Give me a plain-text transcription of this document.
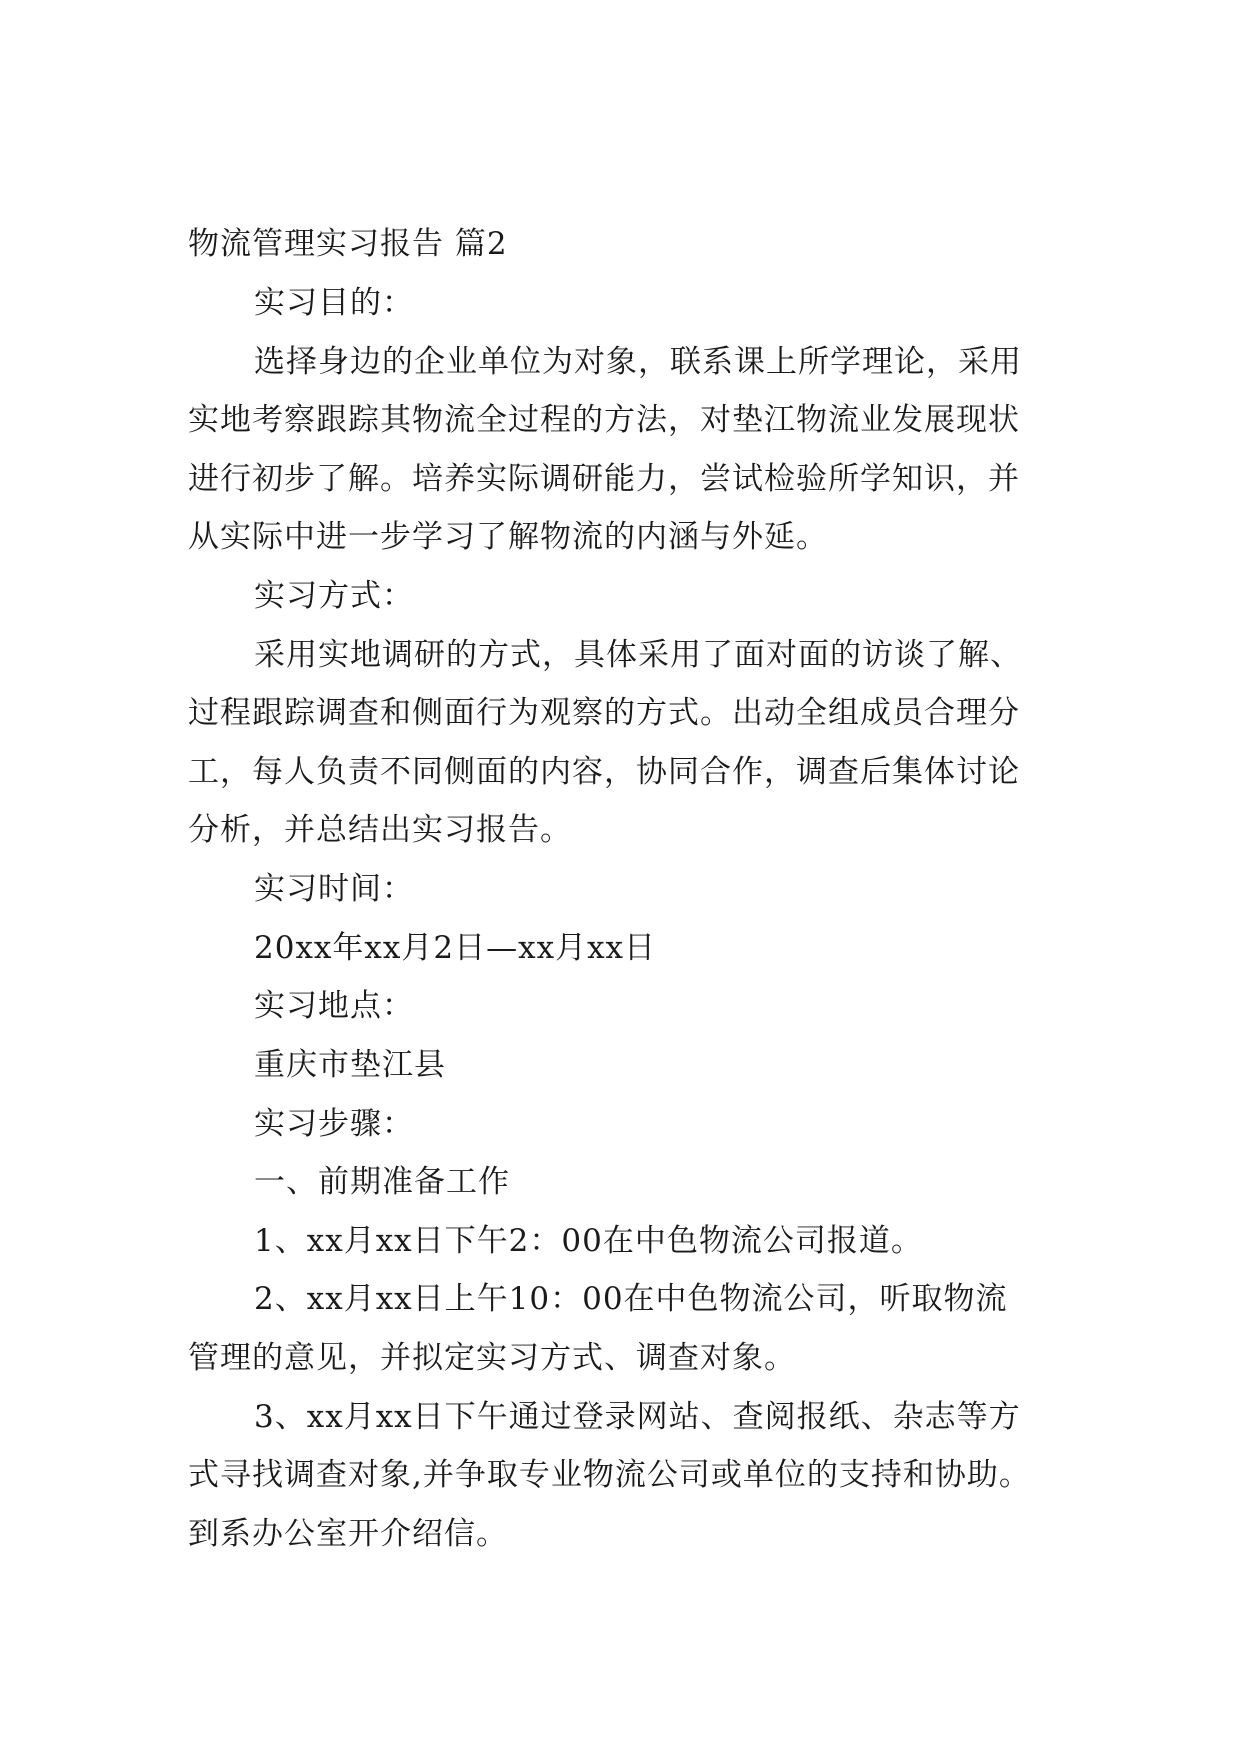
物流管理实习报告 篇2
实习目的：
选择身边的企业单位为对象，联系课上所学理论，采用
实地考察跟踪其物流全过程的方法，对垫江物流业发展现状
进行初步了解。培养实际调研能力，尝试检验所学知识，并
从实际中进一步学习了解物流的内涵与外延。
实习方式：
采用实地调研的方式，具体采用了面对面的访谈了解、
过程跟踪调查和侧面行为观察的方式。出动全组成员合理分
工，每人负责不同侧面的内容，协同合作，调查后集体讨论
分析，并总结出实习报告。
实习时间：
20xx年xx月2日—xx月xx日
实习地点：
重庆市垫江县
实习步骤：
一、前期准备工作
1、xx月xx日下午2：00在中色物流公司报道。
2、xx月xx日上午10：00在中色物流公司，听取物流
管理的意见，并拟定实习方式、调查对象。
3、xx月xx日下午通过登录网站、查阅报纸、杂志等方
式寻找调查对象,并争取专业物流公司或单位的支持和协助。
到系办公室开介绍信。
